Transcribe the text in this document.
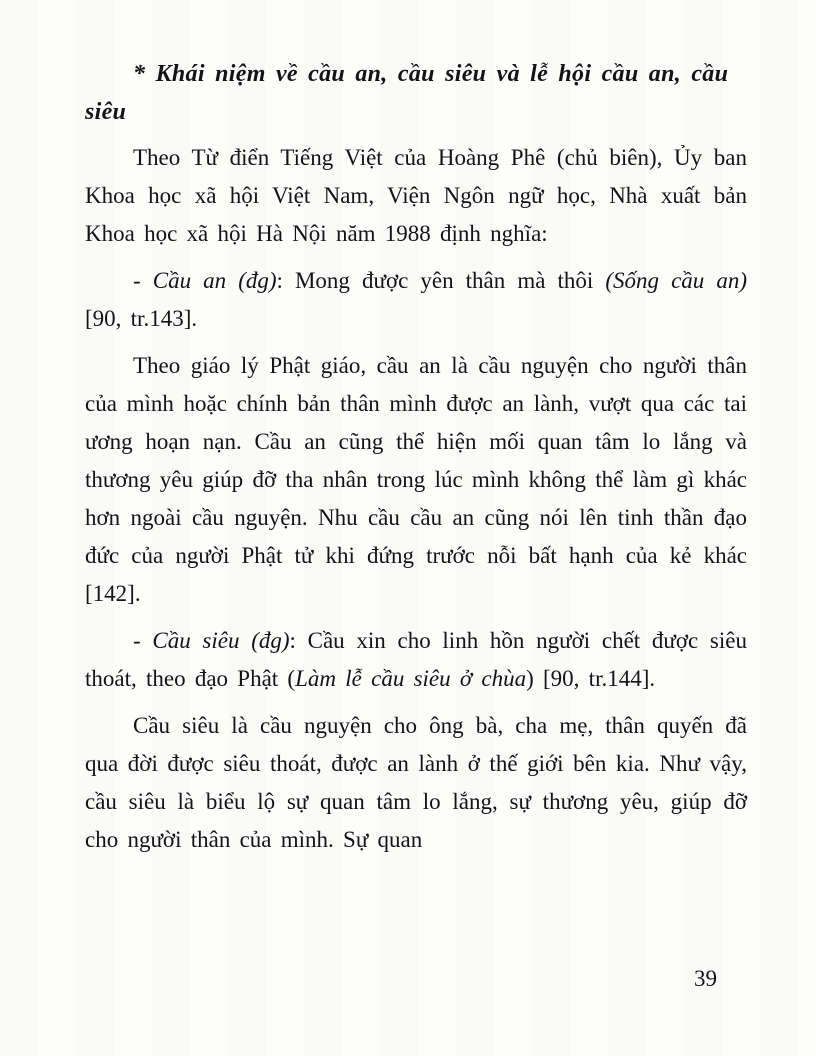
* Khái niệm về cầu an, cầu siêu và lễ hội cầu an, cầu siêu

Theo Từ điển Tiếng Việt của Hoàng Phê (chủ biên), Ủy ban Khoa học xã hội Việt Nam, Viện Ngôn ngữ học, Nhà xuất bản Khoa học xã hội Hà Nội năm 1988 định nghĩa:

- Cầu an (đg): Mong được yên thân mà thôi (Sống cầu an) [90, tr.143].

Theo giáo lý Phật giáo, cầu an là cầu nguyện cho người thân của mình hoặc chính bản thân mình được an lành, vượt qua các tai ương hoạn nạn. Cầu an cũng thể hiện mối quan tâm lo lắng và thương yêu giúp đỡ tha nhân trong lúc mình không thể làm gì khác hơn ngoài cầu nguyện. Nhu cầu cầu an cũng nói lên tinh thần đạo đức của người Phật tử khi đứng trước nỗi bất hạnh của kẻ khác [142].

- Cầu siêu (đg): Cầu xin cho linh hồn người chết được siêu thoát, theo đạo Phật (Làm lễ cầu siêu ở chùa) [90, tr.144].

Cầu siêu là cầu nguyện cho ông bà, cha mẹ, thân quyến đã qua đời được siêu thoát, được an lành ở thế giới bên kia. Như vậy, cầu siêu là biểu lộ sự quan tâm lo lắng, sự thương yêu, giúp đỡ cho người thân của mình. Sự quan

39
